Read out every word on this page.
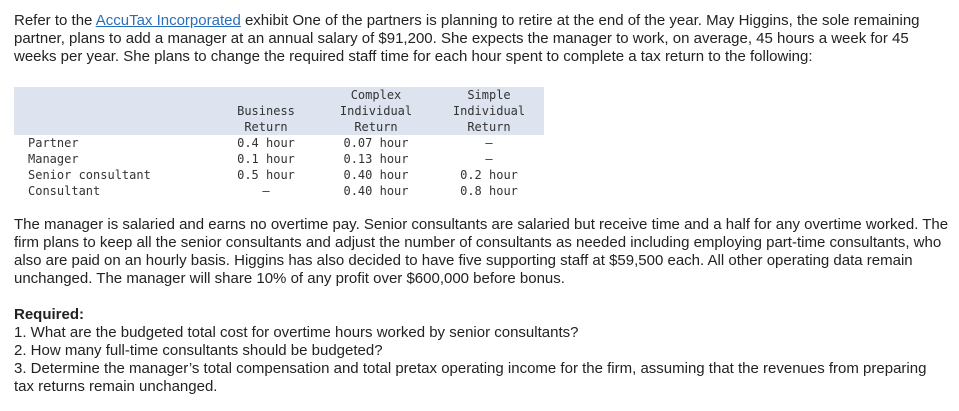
Refer to the AccuTax Incorporated exhibit One of the partners is planning to retire at the end of the year. May Higgins, the sole remaining partner, plans to add a manager at an annual salary of $91,200. She expects the manager to work, on average, 45 hours a week for 45 weeks per year. She plans to change the required staff time for each hour spent to complete a tax return to the following:

		Complex	Simple
	Business	Individual	Individual
	Return	Return	Return
Partner	0.4 hour	0.07 hour	—
Manager	0.1 hour	0.13 hour	—
Senior consultant	0.5 hour	0.40 hour	0.2 hour
Consultant	—	0.40 hour	0.8 hour

The manager is salaried and earns no overtime pay. Senior consultants are salaried but receive time and a half for any overtime worked. The firm plans to keep all the senior consultants and adjust the number of consultants as needed including employing part-time consultants, who also are paid on an hourly basis. Higgins has also decided to have five supporting staff at $59,500 each. All other operating data remain unchanged. The manager will share 10% of any profit over $600,000 before bonus.

Required:
1. What are the budgeted total cost for overtime hours worked by senior consultants?
2. How many full-time consultants should be budgeted?
3. Determine the manager’s total compensation and total pretax operating income for the firm, assuming that the revenues from preparing tax returns remain unchanged.
